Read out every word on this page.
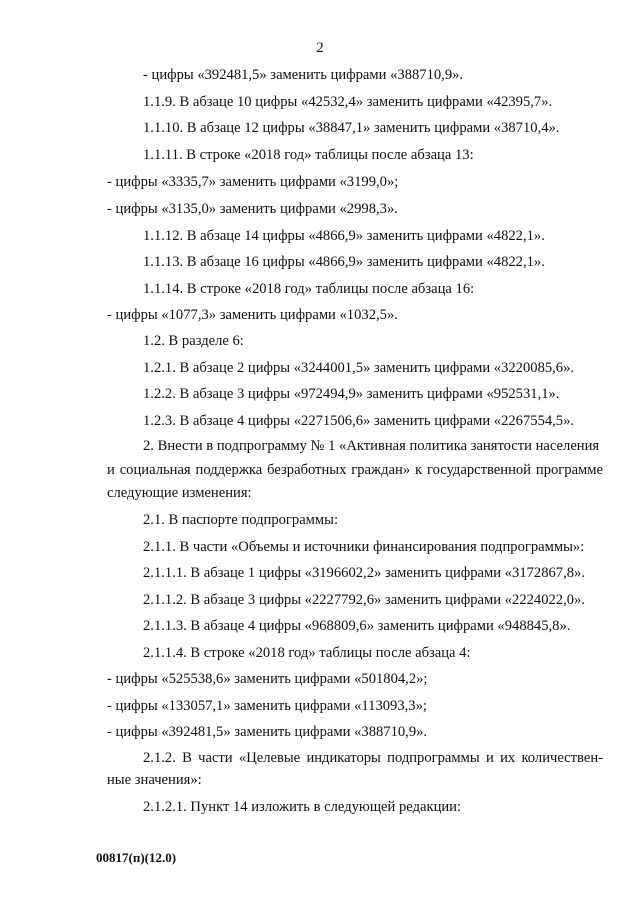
2
- цифры «392481,5» заменить цифрами «388710,9».
1.1.9. В абзаце 10 цифры «42532,4» заменить цифрами «42395,7».
1.1.10. В абзаце 12 цифры «38847,1» заменить цифрами «38710,4».
1.1.11. В строке «2018 год» таблицы после абзаца 13:
- цифры «3335,7» заменить цифрами «3199,0»;
- цифры «3135,0» заменить цифрами «2998,3».
1.1.12. В абзаце 14 цифры «4866,9» заменить цифрами «4822,1».
1.1.13. В абзаце 16 цифры «4866,9» заменить цифрами «4822,1».
1.1.14. В строке «2018 год» таблицы после абзаца 16:
- цифры «1077,3» заменить цифрами «1032,5».
1.2. В разделе 6:
1.2.1. В абзаце 2 цифры «3244001,5» заменить цифрами «3220085,6».
1.2.2. В абзаце 3 цифры «972494,9» заменить цифрами «952531,1».
1.2.3. В абзаце 4 цифры «2271506,6» заменить цифрами «2267554,5».
2. Внести в подпрограмму № 1 «Активная политика занятости населения
и социальная поддержка безработных граждан» к государственной программе
следующие изменения:
2.1. В паспорте подпрограммы:
2.1.1. В части «Объемы и источники финансирования подпрограммы»:
2.1.1.1. В абзаце 1 цифры «3196602,2» заменить цифрами «3172867,8».
2.1.1.2. В абзаце 3 цифры «2227792,6» заменить цифрами «2224022,0».
2.1.1.3. В абзаце 4 цифры «968809,6» заменить цифрами «948845,8».
2.1.1.4. В строке «2018 год» таблицы после абзаца 4:
- цифры «525538,6» заменить цифрами «501804,2»;
- цифры «133057,1» заменить цифрами «113093,3»;
- цифры «392481,5» заменить цифрами «388710,9».
2.1.2. В части «Целевые индикаторы подпрограммы и их количествен-
ные значения»:
2.1.2.1. Пункт 14 изложить в следующей редакции:
00817(п)(12.0)
